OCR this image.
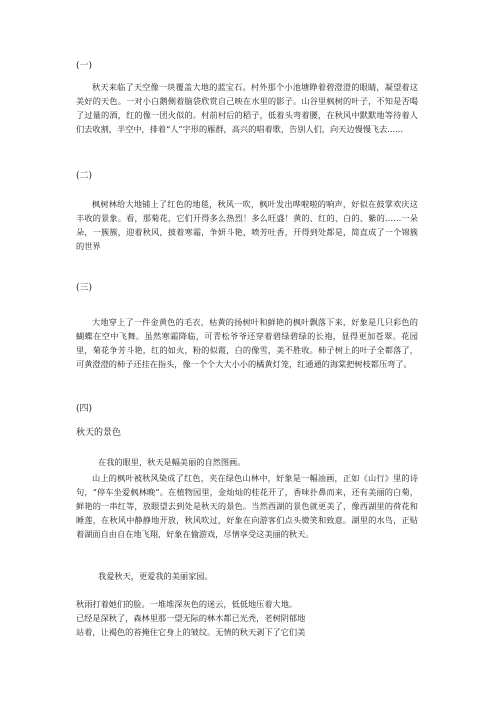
(一)
秋天来临了天空像一块覆盖大地的蓝宝石。村外那个小池塘睁着碧澄澄的眼睛，凝望着这美好的天色。一对小白鹅侧着脑袋欣赏自己映在水里的影子。山谷里枫树的叶子，不知是否喝了过量的酒，红的像一团火似的。村前村后的稻子，低着头弯着腰，在秋风中默默地等待着人们去收割，半空中，排着“人”字形的雁群，高兴的唱着歌，告别人们，向天边慢慢飞去......
(二)
枫树林给大地铺上了红色的地毯，秋风一吹，枫叶发出哗啦啦的响声，好似在鼓掌欢庆这丰收的景象。看，那菊花，它们开得多么热烈！多么旺盛！黄的、红的、白的、紫的……一朵朵，一簇簇，迎着秋风，披着寒霜，争妍斗艳，喷芳吐香，开得到处都是，简直成了一个锦簇的世界
(三)
大地穿上了一件金黄色的毛衣，枯黄的扬树叶和鲜艳的枫叶飘落下来，好象是几只彩色的蝴蝶在空中飞舞。虽然寒霜降临，可青松爷爷还穿着碧绿碧绿的长袍，显得更加苍翠。花园里，菊花争芳斗艳，红的如火，粉的似霞，白的像雪，美不胜收。柿子树上的叶子全都落了，可黄澄澄的柿子还挂在指头，像一个个大大小小的橘黄灯笼，红通通的海棠把树枝都压弯了。
(四)
秋天的景色
在我的眼里，秋天是幅美丽的自然图画。
山上的枫叶被秋风染成了红色，夹在绿色山林中，好象是一幅油画，正如《山行》里的诗句，“停车坐爱枫林晚”。在植物园里，金灿灿的桂花开了，香味扑鼻而来，还有美丽的白菊，鲜艳的一串红等，放眼望去到处是秋天的景色。当然西湖的景色就更美了，像西湖里的荷花和睡莲，在秋风中静静地开放，秋风吹过，好象在向游客们点头微笑和致意。湖里的水鸟，正贴着湖面自由自在地飞翔，好象在愉游戏，尽情享受这美丽的秋天。
我爱秋天，更爱我的美丽家园。
秋雨打着她们的脸。一堆堆深灰色的迷云，低低地压着大地。
已经是深秋了，森林里那一望无际的林木都已光秃，老树阴郁地
站着，让褐色的苔掩住它身上的皱纹。无情的秋天剥下了它们美
